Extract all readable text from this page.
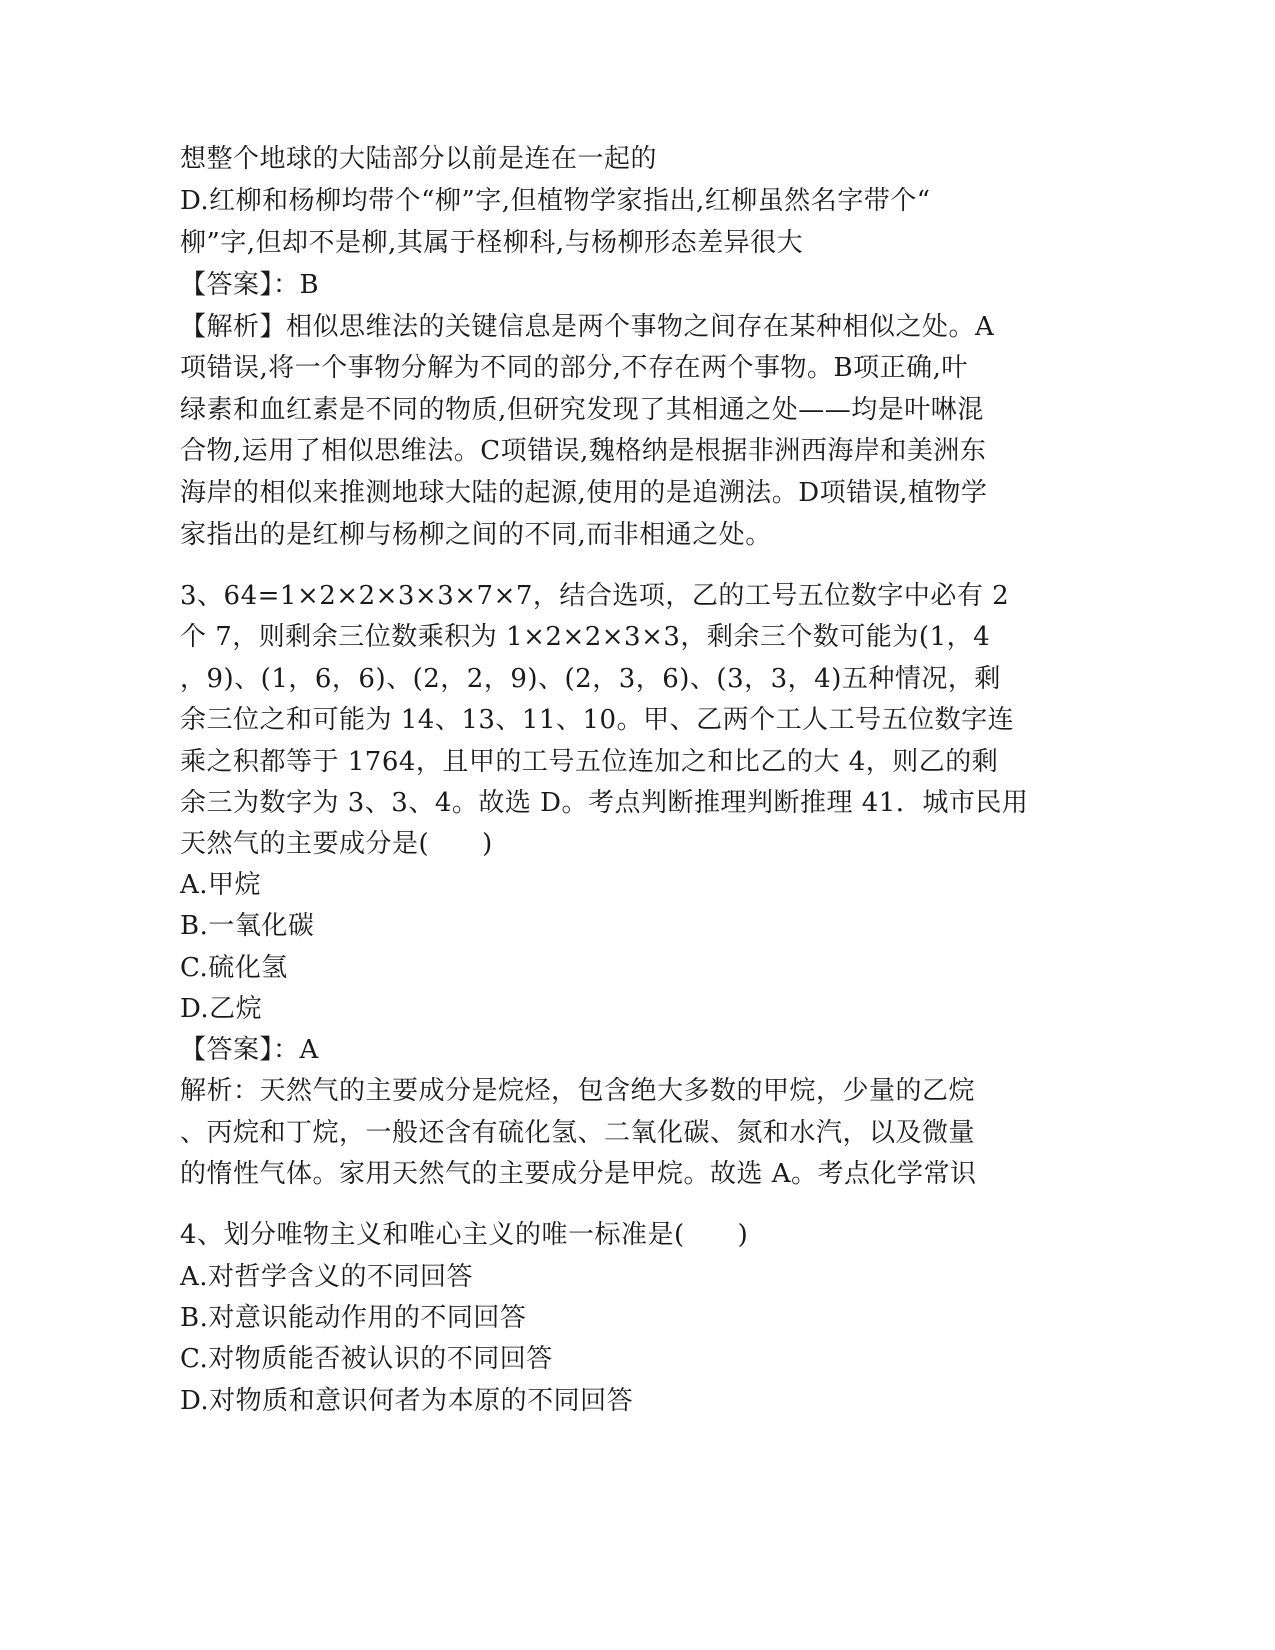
想整个地球的大陆部分以前是连在一起的
D.红柳和杨柳均带个“柳”字,但植物学家指出,红柳虽然名字带个“
柳”字,但却不是柳,其属于柽柳科,与杨柳形态差异很大
【答案】：B
【解析】相似思维法的关键信息是两个事物之间存在某种相似之处。A
项错误,将一个事物分解为不同的部分,不存在两个事物。B项正确,叶
绿素和血红素是不同的物质,但研究发现了其相通之处——均是叶啉混
合物,运用了相似思维法。C项错误,魏格纳是根据非洲西海岸和美洲东
海岸的相似来推测地球大陆的起源,使用的是追溯法。D项错误,植物学
家指出的是红柳与杨柳之间的不同,而非相通之处。
3、64=1×2×2×3×3×7×7，结合选项，乙的工号五位数字中必有 2
个 7，则剩余三位数乘积为 1×2×2×3×3，剩余三个数可能为(1，4
，9)、(1，6，6)、(2，2，9)、(2，3，6)、(3，3，4)五种情况，剩
余三位之和可能为 14、13、11、10。甲、乙两个工人工号五位数字连
乘之积都等于 1764，且甲的工号五位连加之和比乙的大 4，则乙的剩
余三为数字为 3、3、4。故选 D。考点判断推理判断推理 41．城市民用
天然气的主要成分是(　　)
A.甲烷
B.一氧化碳
C.硫化氢
D.乙烷
【答案】：A
解析：天然气的主要成分是烷烃，包含绝大多数的甲烷，少量的乙烷
、丙烷和丁烷，一般还含有硫化氢、二氧化碳、氮和水汽，以及微量
的惰性气体。家用天然气的主要成分是甲烷。故选 A。考点化学常识
4、划分唯物主义和唯心主义的唯一标准是(　　)
A.对哲学含义的不同回答
B.对意识能动作用的不同回答
C.对物质能否被认识的不同回答
D.对物质和意识何者为本原的不同回答
